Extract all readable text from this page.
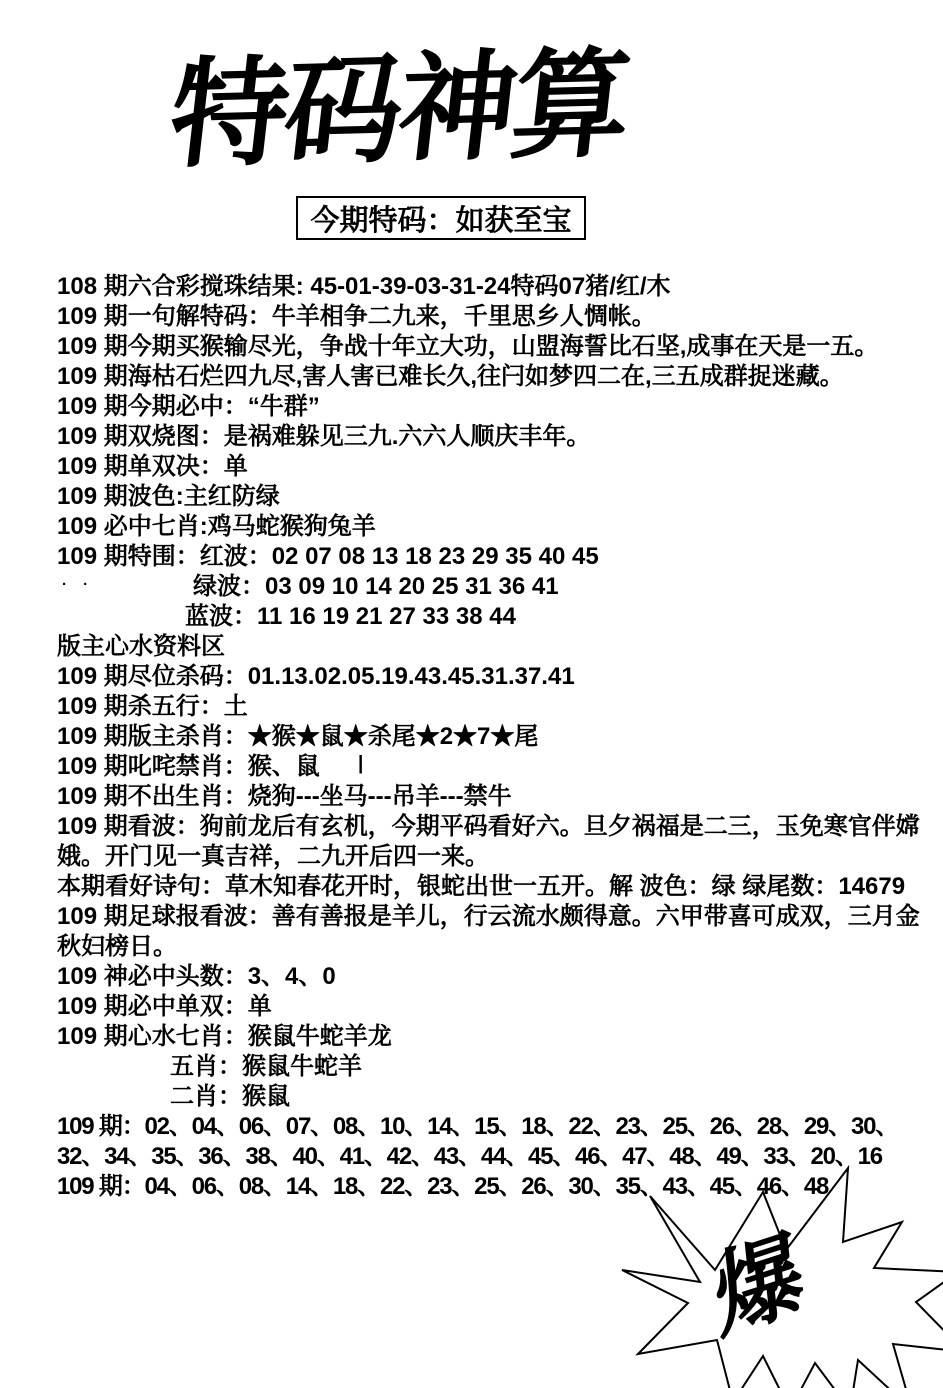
特码神算
今期特码：如获至宝
108 期六合彩搅珠结果: 45-01-39-03-31-24特码07猪/红/木
109 期一句解特码：牛羊相争二九来，千里思乡人惆帐。
109 期今期买猴输尽光，争战十年立大功，山盟海誓比石坚,成事在天是一五。
109 期海枯石烂四九尽,害人害已难长久,往闩如梦四二在,三五成群捉迷藏。
109 期今期必中：“牛群”
109 期双烧图：是祸难躲见三九.六六人顺庆丰年。
109 期单双决：单
109 期波色:主红防绿
109 必中七肖:鸡马蛇猴狗兔羊
109 期特围：红波：02 07 08 13 18 23 29 35 40 45
绿波：03 09 10 14 20 25 31 36 41
蓝波：11 16 19 21 27 33 38 44
版主心水资料区
109 期尽位杀码：01.13.02.05.19.43.45.31.37.41
109 期杀五行：土
109 期版主杀肖：★猴★鼠★杀尾★2★7★尾
109 期叱咤禁肖：猴、鼠
109 期不出生肖：烧狗---坐马---吊羊---禁牛
109 期看波：狗前龙后有玄机，今期平码看好六。旦夕祸福是二三，玉免寒官伴嫦
娥。开门见一真吉祥，二九开后四一来。
本期看好诗句：草木知春花开时，银蛇出世一五开。解 波色：绿 绿尾数：14679
109 期足球报看波：善有善报是羊儿，行云流水颇得意。六甲带喜可成双，三月金
秋妇榜日。
109 神必中头数：3、4、0
109 期必中单双：单
109 期心水七肖：猴鼠牛蛇羊龙
五肖：猴鼠牛蛇羊
二肖：猴鼠
109 期：02、04、06、07、08、10、14、15、18、22、23、25、26、28、29、30、
32、34、35、36、38、40、41、42、43、44、45、46、47、48、49、33、20、16
109 期：04、06、08、14、18、22、23、25、26、30、35、43、45、46、48
· ·
|
爆
